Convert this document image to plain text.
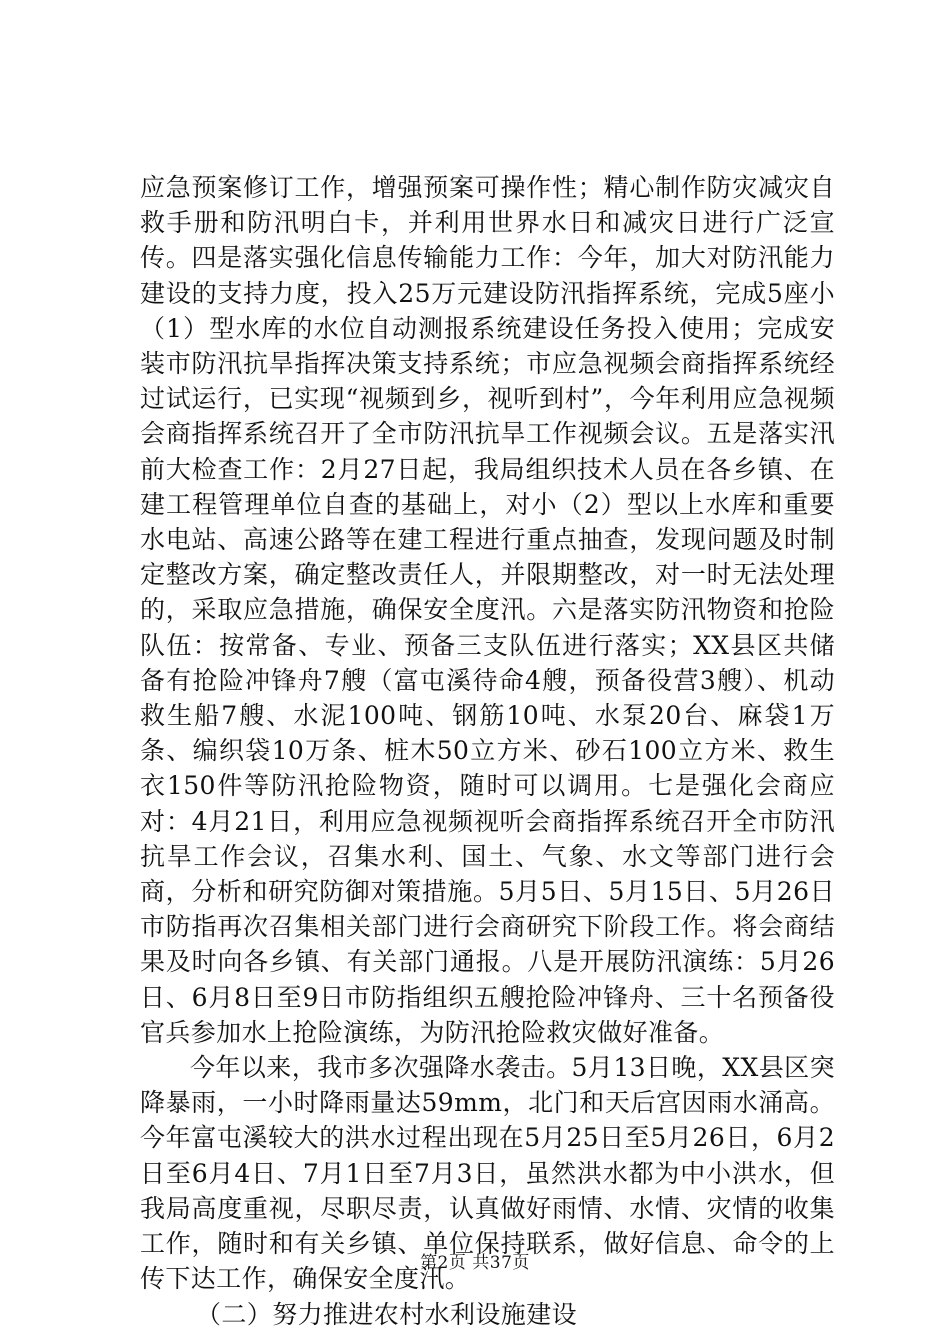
应急预案修订工作，增强预案可操作性；精心制作防灾减灾自救手册和防汛明白卡，并利用世界水日和减灾日进行广泛宣传。四是落实强化信息传输能力工作：今年，加大对防汛能力建设的支持力度，投入25万元建设防汛指挥系统，完成5座小（1）型水库的水位自动测报系统建设任务投入使用；完成安装市防汛抗旱指挥决策支持系统；市应急视频会商指挥系统经过试运行，已实现“视频到乡，视听到村”，今年利用应急视频会商指挥系统召开了全市防汛抗旱工作视频会议。五是落实汛前大检查工作：2月27日起，我局组织技术人员在各乡镇、在建工程管理单位自查的基础上，对小（2）型以上水库和重要水电站、高速公路等在建工程进行重点抽查，发现问题及时制定整改方案，确定整改责任人，并限期整改，对一时无法处理的，采取应急措施，确保安全度汛。六是落实防汛物资和抢险队伍：按常备、专业、预备三支队伍进行落实；XX县区共储备有抢险冲锋舟7艘（富屯溪待命4艘，预备役营3艘）、机动救生船7艘、水泥100吨、钢筋10吨、水泵20台、麻袋1万条、编织袋10万条、桩木50立方米、砂石100立方米、救生衣150件等防汛抢险物资，随时可以调用。七是强化会商应对：4月21日，利用应急视频视听会商指挥系统召开全市防汛抗旱工作会议，召集水利、国土、气象、水文等部门进行会商，分析和研究防御对策措施。5月5日、5月15日、5月26日市防指再次召集相关部门进行会商研究下阶段工作。将会商结果及时向各乡镇、有关部门通报。八是开展防汛演练：5月26日、6月8日至9日市防指组织五艘抢险冲锋舟、三十名预备役官兵参加水上抢险演练，为防汛抢险救灾做好准备。

今年以来，我市多次强降水袭击。5月13日晚，XX县区突降暴雨，一小时降雨量达59mm，北门和天后宫因雨水涌高。今年富屯溪较大的洪水过程出现在5月25日至5月26日，6月2日至6月4日、7月1日至7月3日，虽然洪水都为中小洪水，但我局高度重视，尽职尽责，认真做好雨情、水情、灾情的收集工作，随时和有关乡镇、单位保持联系，做好信息、命令的上传下达工作，确保安全度汛。

（二）努力推进农村水利设施建设

第2页 共37页
